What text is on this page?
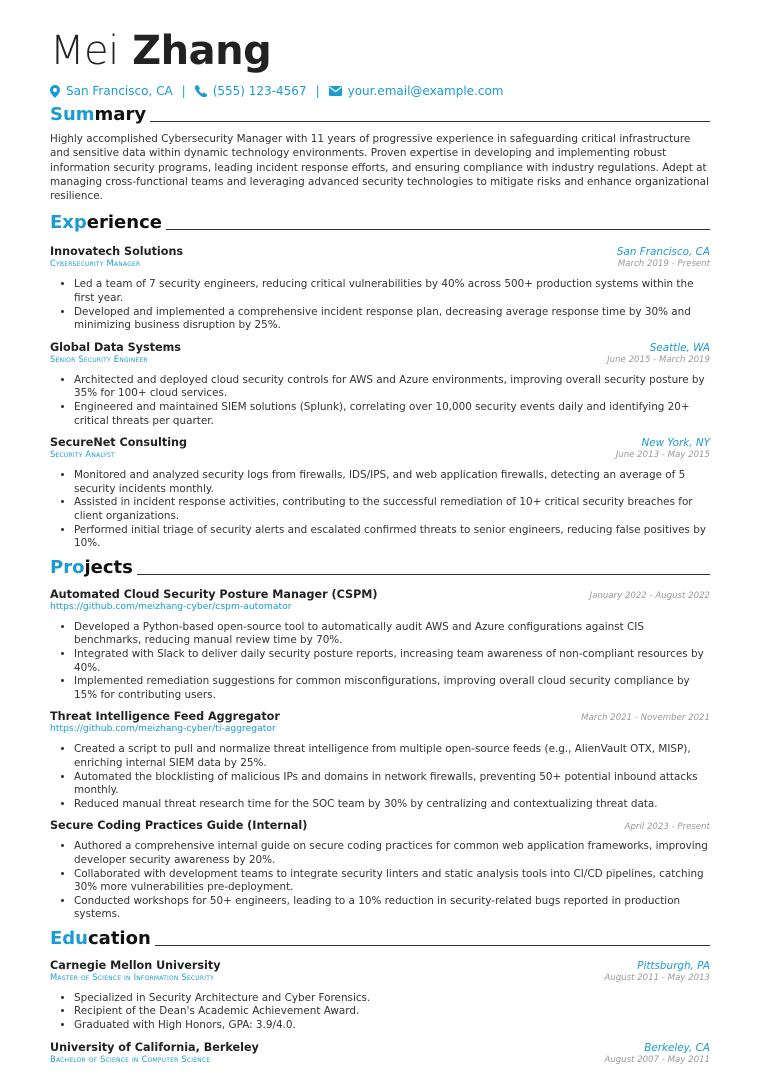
Mei Zhang
San Francisco, CA | (555) 123-4567 | your.email@example.com
Summary
Highly accomplished Cybersecurity Manager with 11 years of progressive experience in safeguarding critical infrastructure and sensitive data within dynamic technology environments. Proven expertise in developing and implementing robust information security programs, leading incident response efforts, and ensuring compliance with industry regulations. Adept at managing cross-functional teams and leveraging advanced security technologies to mitigate risks and enhance organizational resilience.
Experience
Innovatech Solutions	San Francisco, CA
Cybersecurity Manager	March 2019 - Present
• Led a team of 7 security engineers, reducing critical vulnerabilities by 40% across 500+ production systems within the first year.
• Developed and implemented a comprehensive incident response plan, decreasing average response time by 30% and minimizing business disruption by 25%.
Global Data Systems	Seattle, WA
Senior Security Engineer	June 2015 - March 2019
• Architected and deployed cloud security controls for AWS and Azure environments, improving overall security posture by 35% for 100+ cloud services.
• Engineered and maintained SIEM solutions (Splunk), correlating over 10,000 security events daily and identifying 20+ critical threats per quarter.
SecureNet Consulting	New York, NY
Security Analyst	June 2013 - May 2015
• Monitored and analyzed security logs from firewalls, IDS/IPS, and web application firewalls, detecting an average of 5 security incidents monthly.
• Assisted in incident response activities, contributing to the successful remediation of 10+ critical security breaches for client organizations.
• Performed initial triage of security alerts and escalated confirmed threats to senior engineers, reducing false positives by 10%.
Projects
Automated Cloud Security Posture Manager (CSPM)	January 2022 - August 2022
https://github.com/meizhang-cyber/cspm-automator
• Developed a Python-based open-source tool to automatically audit AWS and Azure configurations against CIS benchmarks, reducing manual review time by 70%.
• Integrated with Slack to deliver daily security posture reports, increasing team awareness of non-compliant resources by 40%.
• Implemented remediation suggestions for common misconfigurations, improving overall cloud security compliance by 15% for contributing users.
Threat Intelligence Feed Aggregator	March 2021 - November 2021
https://github.com/meizhang-cyber/ti-aggregator
• Created a script to pull and normalize threat intelligence from multiple open-source feeds (e.g., AlienVault OTX, MISP), enriching internal SIEM data by 25%.
• Automated the blocklisting of malicious IPs and domains in network firewalls, preventing 50+ potential inbound attacks monthly.
• Reduced manual threat research time for the SOC team by 30% by centralizing and contextualizing threat data.
Secure Coding Practices Guide (Internal)	April 2023 - Present
• Authored a comprehensive internal guide on secure coding practices for common web application frameworks, improving developer security awareness by 20%.
• Collaborated with development teams to integrate security linters and static analysis tools into CI/CD pipelines, catching 30% more vulnerabilities pre-deployment.
• Conducted workshops for 50+ engineers, leading to a 10% reduction in security-related bugs reported in production systems.
Education
Carnegie Mellon University	Pittsburgh, PA
Master of Science in Information Security	August 2011 - May 2013
• Specialized in Security Architecture and Cyber Forensics.
• Recipient of the Dean's Academic Achievement Award.
• Graduated with High Honors, GPA: 3.9/4.0.
University of California, Berkeley	Berkeley, CA
Bachelor of Science in Computer Science	August 2007 - May 2011
